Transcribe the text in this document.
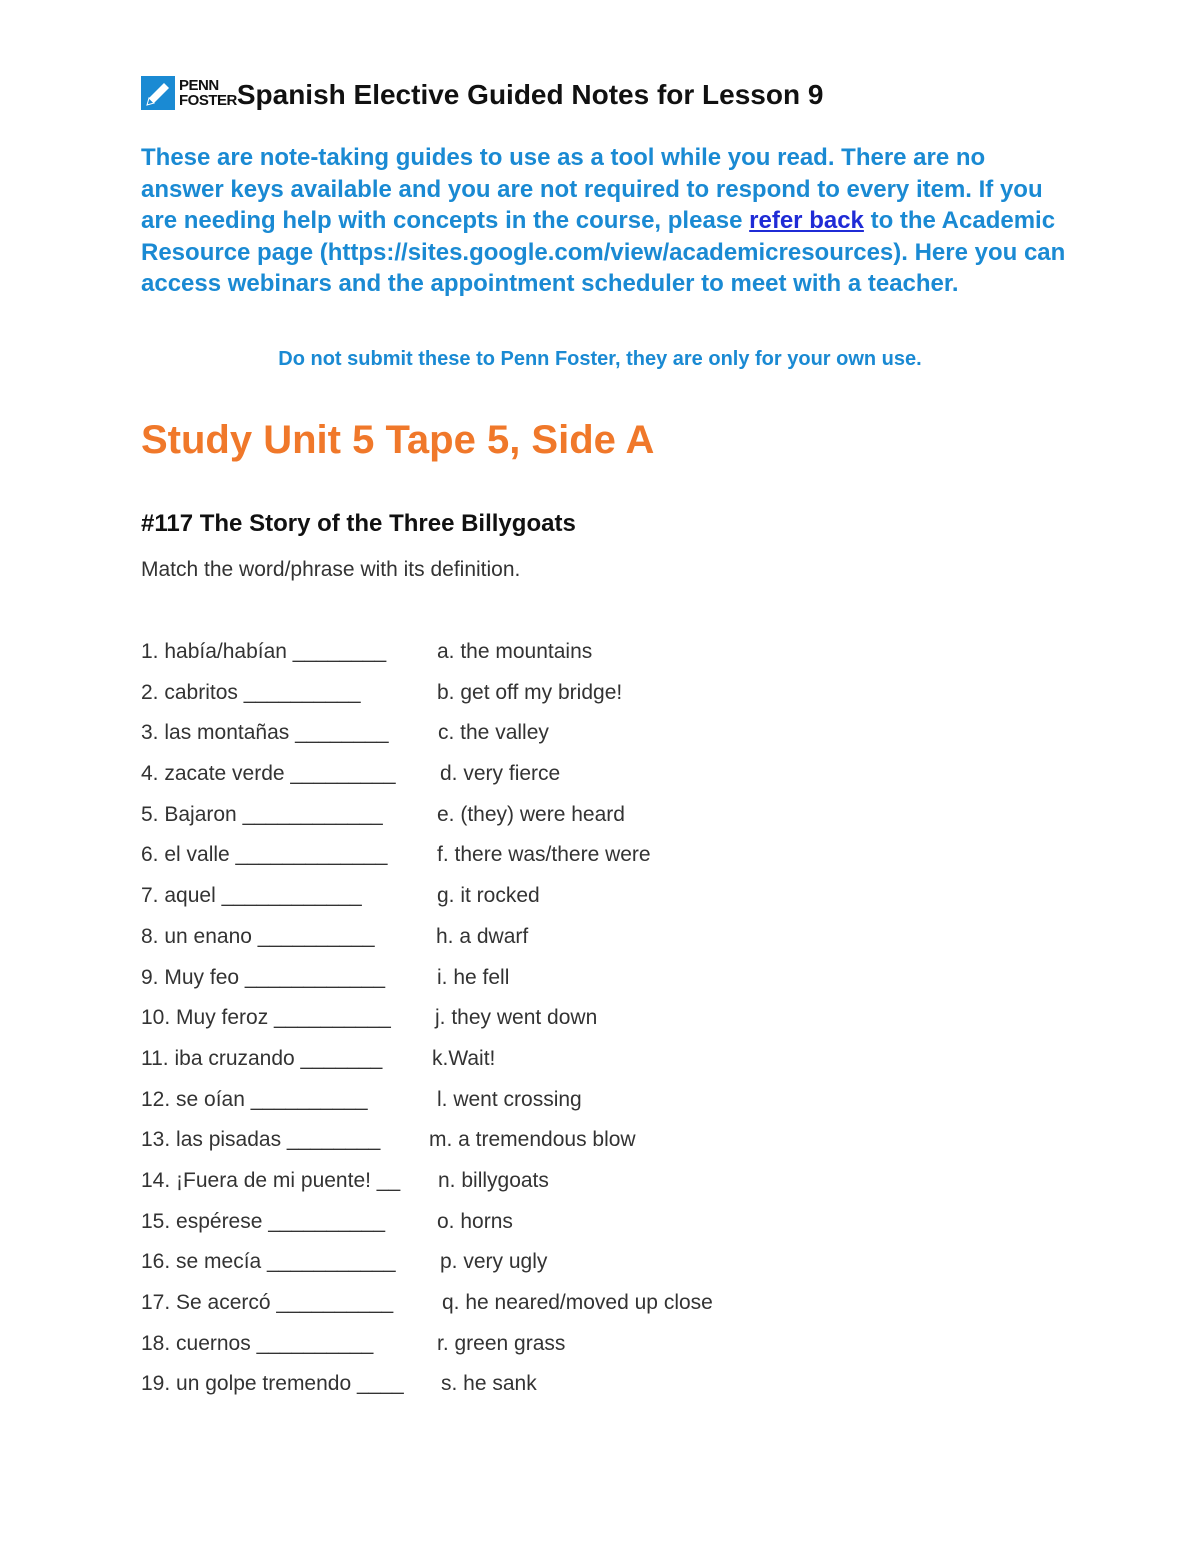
PENN
FOSTER Spanish Elective Guided Notes for Lesson 9
These are note-taking guides to use as a tool while you read. There are no answer keys available and you are not required to respond to every item. If you are needing help with concepts in the course, please refer back to the Academic Resource page (https://sites.google.com/view/academicresources). Here you can access webinars and the appointment scheduler to meet with a teacher.
Do not submit these to Penn Foster, they are only for your own use.
Study Unit 5 Tape 5, Side A
#117 The Story of the Three Billygoats
Match the word/phrase with its definition.
1. había/habían ________ a. the mountains
2. cabritos __________	b. get off my bridge!
3. las montañas ________ c. the valley
4. zacate verde _________ d. very fierce
5. Bajaron ____________	e. (they) were heard
6. el valle _____________ f. there was/there were
7. aquel ____________	g. it rocked
8. un enano __________	h. a dwarf
9. Muy feo ____________ i. he fell
10. Muy feroz __________ j. they went down
11. iba cruzando _______ k.Wait!
12. se oían __________	l. went crossing
13. las pisadas ________ m. a tremendous blow
14. ¡Fuera de mi puente! __ n. billygoats
15. espérese __________ o. horns
16. se mecía ___________ p. very ugly
17. Se acercó __________ q. he neared/moved up close
18. cuernos __________	r. green grass
19. un golpe tremendo ____ s. he sank
